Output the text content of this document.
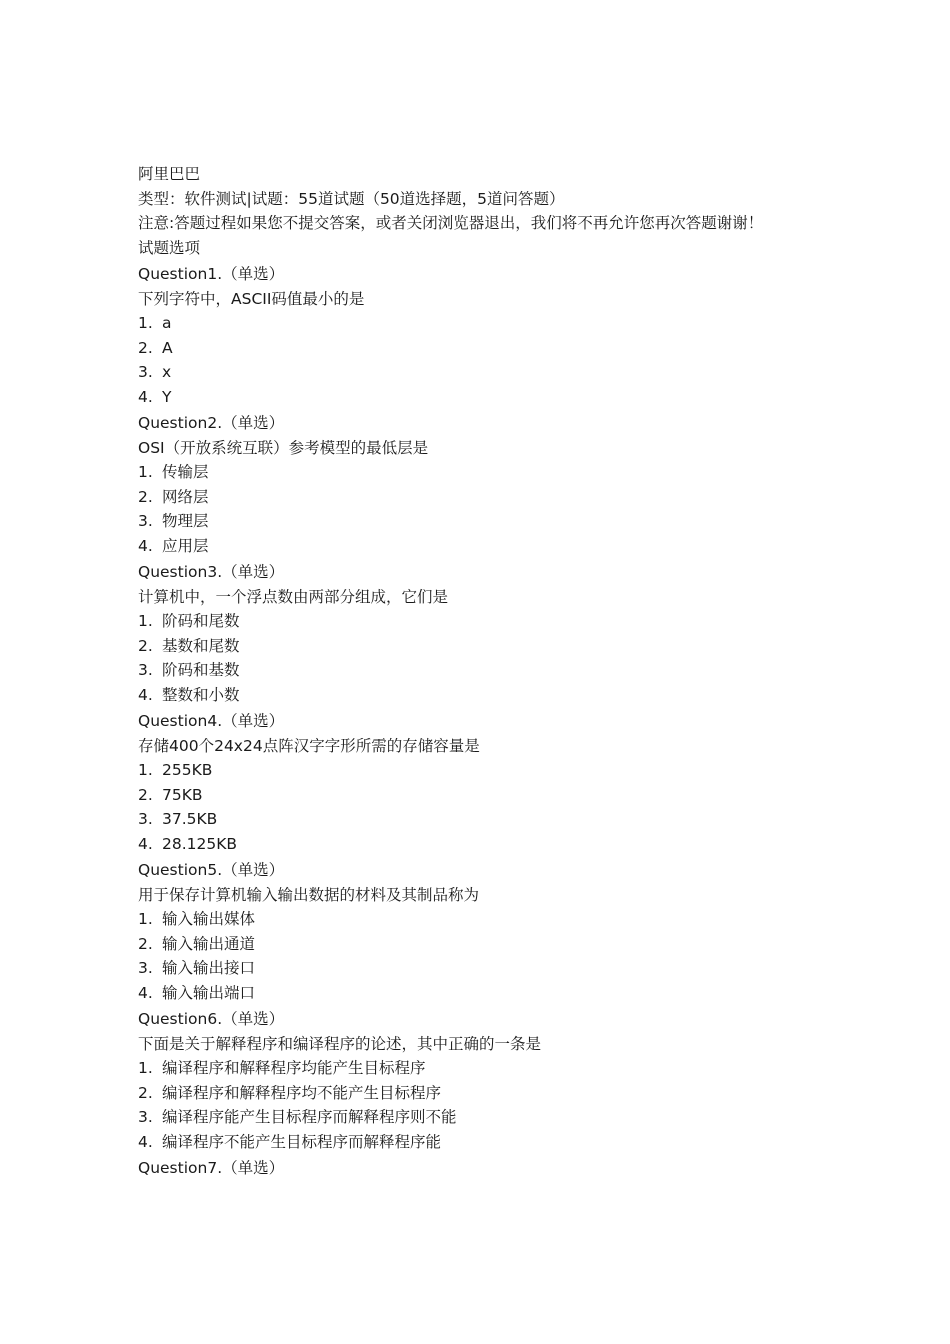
阿里巴巴
类型：软件测试|试题：55道试题（50道选择题，5道问答题）
注意:答题过程如果您不提交答案，或者关闭浏览器退出，我们将不再允许您再次答题谢谢！
试题选项
Question1.（单选）
下列字符中，ASCII码值最小的是
1. a
2. A
3. x
4. Y
Question2.（单选）
OSI（开放系统互联）参考模型的最低层是
1. 传输层
2. 网络层
3. 物理层
4. 应用层
Question3.（单选）
计算机中，一个浮点数由两部分组成，它们是
1. 阶码和尾数
2. 基数和尾数
3. 阶码和基数
4. 整数和小数
Question4.（单选）
存储400个24x24点阵汉字字形所需的存储容量是
1. 255KB
2. 75KB
3. 37.5KB
4. 28.125KB
Question5.（单选）
用于保存计算机输入输出数据的材料及其制品称为
1. 输入输出媒体
2. 输入输出通道
3. 输入输出接口
4. 输入输出端口
Question6.（单选）
下面是关于解释程序和编译程序的论述，其中正确的一条是
1. 编译程序和解释程序均能产生目标程序
2. 编译程序和解释程序均不能产生目标程序
3. 编译程序能产生目标程序而解释程序则不能
4. 编译程序不能产生目标程序而解释程序能
Question7.（单选）
